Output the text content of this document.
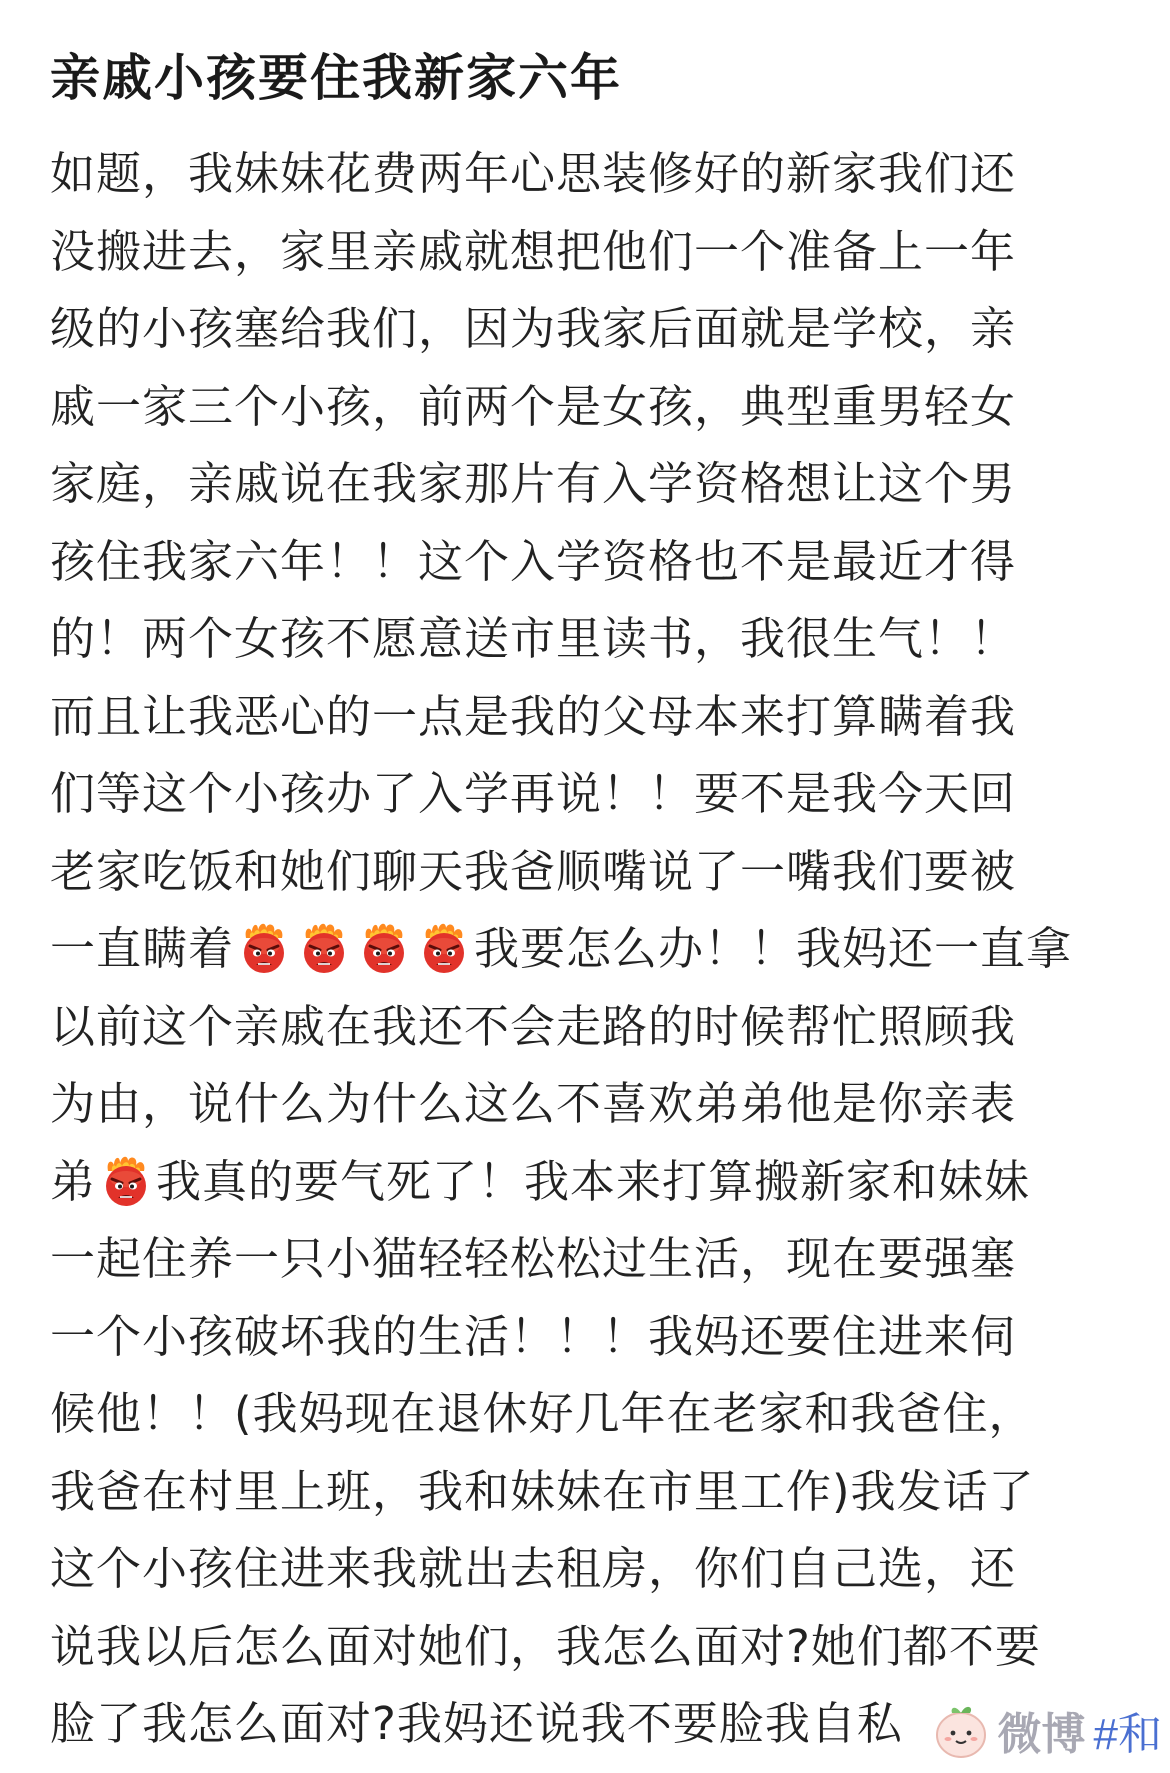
亲戚小孩要住我新家六年
如题，我妹妹花费两年心思装修好的新家我们还
没搬进去，家里亲戚就想把他们一个准备上一年
级的小孩塞给我们，因为我家后面就是学校，亲
戚一家三个小孩，前两个是女孩，典型重男轻女
家庭，亲戚说在我家那片有入学资格想让这个男
孩住我家六年！！这个入学资格也不是最近才得
的！两个女孩不愿意送市里读书，我很生气！！
而且让我恶心的一点是我的父母本来打算瞒着我
们等这个小孩办了入学再说！！要不是我今天回
老家吃饭和她们聊天我爸顺嘴说了一嘴我们要被
一直瞒着	我要怎么办！！我妈还一直拿
以前这个亲戚在我还不会走路的时候帮忙照顾我
为由，说什么为什么这么不喜欢弟弟他是你亲表
弟 我真的要气死了！我本来打算搬新家和妹妹
一起住养一只小猫轻轻松松过生活，现在要强塞
一个小孩破坏我的生活！！！我妈还要住进来伺
候他！！(我妈现在退休好几年在老家和我爸住，
我爸在村里上班，我和妹妹在市里工作)我发话了
这个小孩住进来我就出去租房，你们自己选，还
说我以后怎么面对她们，我怎么面对?她们都不要
脸了我怎么面对?我妈还说我不要脸我自私	微博 #和
